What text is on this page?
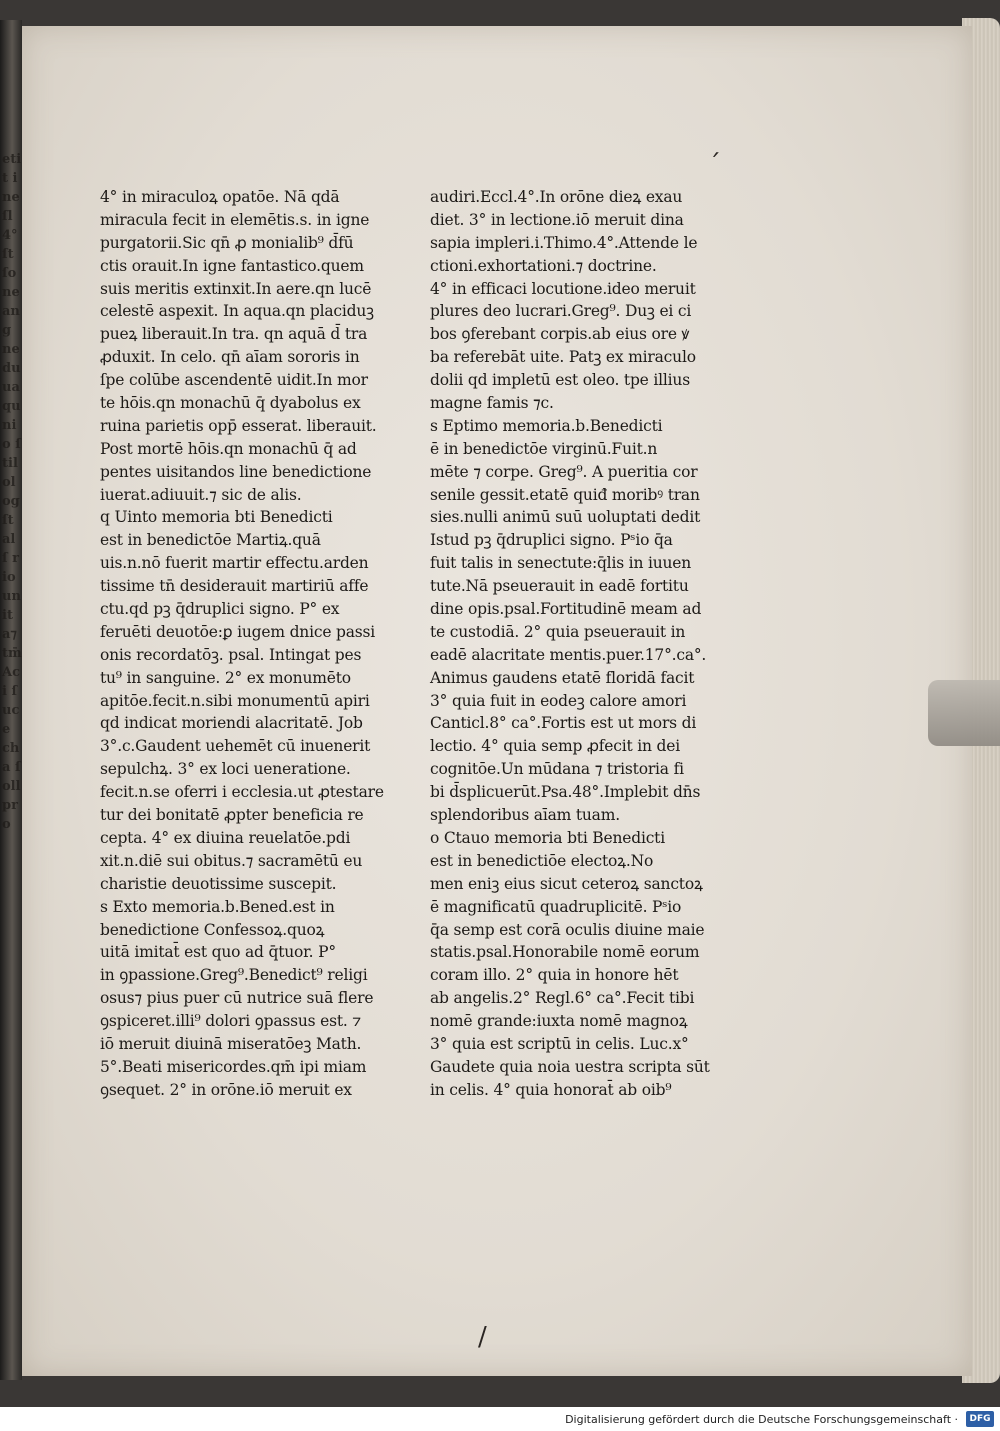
etit ine ſl 4° ſt ſo ne ang nedu uaqu nio ſtil olog ſtal ſ rio unit a⁊ tm̄ Aci ſuce cha ſoll pro
4° in miraculoꝝ opatōe. Nā qdā
miracula fecit in elemētis.s. in igne
purgatorii.Sic qn̄ ꝓ monialib⁹ d̄fū
ctis orauit.In igne fantastico.quem
suis meritis extinxit.In aere.qn lucē
celestē aspexit. In aqua.qn placiduꝫ
pueꝝ liberauit.In tra. qn aquā d̄ tra
ꝓduxit. In celo. qn̄ aīam sororis in
ſpe colūbe ascendentē uidit.In mor
te hōis.qn monachū q̄ dyabolus ex
ruina parietis opp̄ esserat. liberauit.
Post mortē hōis.qn monachū q̄ ad
pentes uisitandos line benedictione
iuerat.adiuuit.⁊ sic de alis.
q Uinto memoria bti Benedicti
est in benedictōe Martiꝝ.quā
uis.n.nō fuerit martir effectu.arden
tissime tn̄ desiderauit martiriū affe
ctu.qd pꝫ q̄druplici signo. P° ex
feruēti deuotōe:ꝑ iugem dnice passi
onis recordatōꝫ. psal. Intingat pes
tu⁹ in sanguine. 2° ex monumēto
apitōe.fecit.n.sibi monumentū apiri
qd indicat moriendi alacritatē. Job
3°.c.Gaudent uehemēt cū inuenerit
sepulchꝝ. 3° ex loci ueneratione.
fecit.n.se oferri i ecclesia.ut ꝓtestare
tur dei bonitatē ꝓpter beneficia re
cepta. 4° ex diuina reuelatōe.pdi
xit.n.diē sui obitus.⁊ sacramētū eu
charistie deuotissime suscepit.
s Exto memoria.b.Bened.est in
benedictione Confessoꝝ.quoꝝ
uitā imitat̄ est quo ad q̄tuor. P°
in ꝯpassione.Greg⁹.Benedict⁹ religi
osus⁊ pius puer cū nutrice suā flere
ꝯspiceret.illi⁹ dolori ꝯpassus est. ⁊
iō meruit diuinā miseratōeꝫ Math.
5°.Beati misericordes.qm̄ ipi miam
ꝯsequet. 2° in orōne.iō meruit ex
audiri.Eccl.4°.In orōne dieꝝ exau
diet. 3° in lectione.iō meruit dina
sapia impleri.i.Thimo.4°.Attende le
ctioni.exhortationi.⁊ doctrine.
4° in efficaci locutione.ideo meruit
plures deo lucrari.Greg⁹. Duꝫ ei ci
bos ꝯferebant corpis.ab eius ore ꝟ
ba referebāt uite. Patꝫ ex miraculo
dolii qd impletū est oleo. tpe illius
magne famis ⁊c.
s Eptimo memoria.b.Benedicti
ē in benedictōe virginū.Fuit.n
mēte ⁊ corpe. Greg⁹. A pueritia cor
senile gessit.etatē quiđ moribꝰ tran
sies.nulli animū suū uoluptati dedit
Istud pꝫ q̄druplici signo. Pˢio q̄a
fuit talis in senectute:q̄lis in iuuen
tute.Nā pseuerauit in eadē fortitu
dine opis.psal.Fortitudinē meam ad
te custodiā. 2° quia pseuerauit in
eadē alacritate mentis.puer.17°.ca°.
Animus gaudens etatē floridā facit
3° quia fuit in eodeꝫ calore amori
Canticl.8° ca°.Fortis est ut mors di
lectio. 4° quia semp ꝓfecit in dei
cognitōe.Un mūdana ⁊ tristoria fi
bi d̄splicuerūt.Psa.48°.Implebit dn̄s
splendoribus aīam tuam.
o Ctauo memoria bti Benedicti
est in benedictiōe electoꝝ.No
men eniꝫ eius sicut ceteroꝝ sanctoꝝ
ē magnificatū quadruplicitē. Pˢio
q̄a semp est corā oculis diuine maie
statis.psal.Honorabile nomē eorum
coram illo. 2° quia in honore hēt
ab angelis.2° Regl.6° ca°.Fecit tibi
nomē grande:iuxta nomē magnoꝝ
3° quia est scriptū in celis. Luc.x°
Gaudete quia noia uestra scripta sūt
in celis. 4° quia honorat̄ ab oib⁹
ˊ
/
Digitalisierung gefördert durch die Deutsche Forschungsgemeinschaft ·	DFG
